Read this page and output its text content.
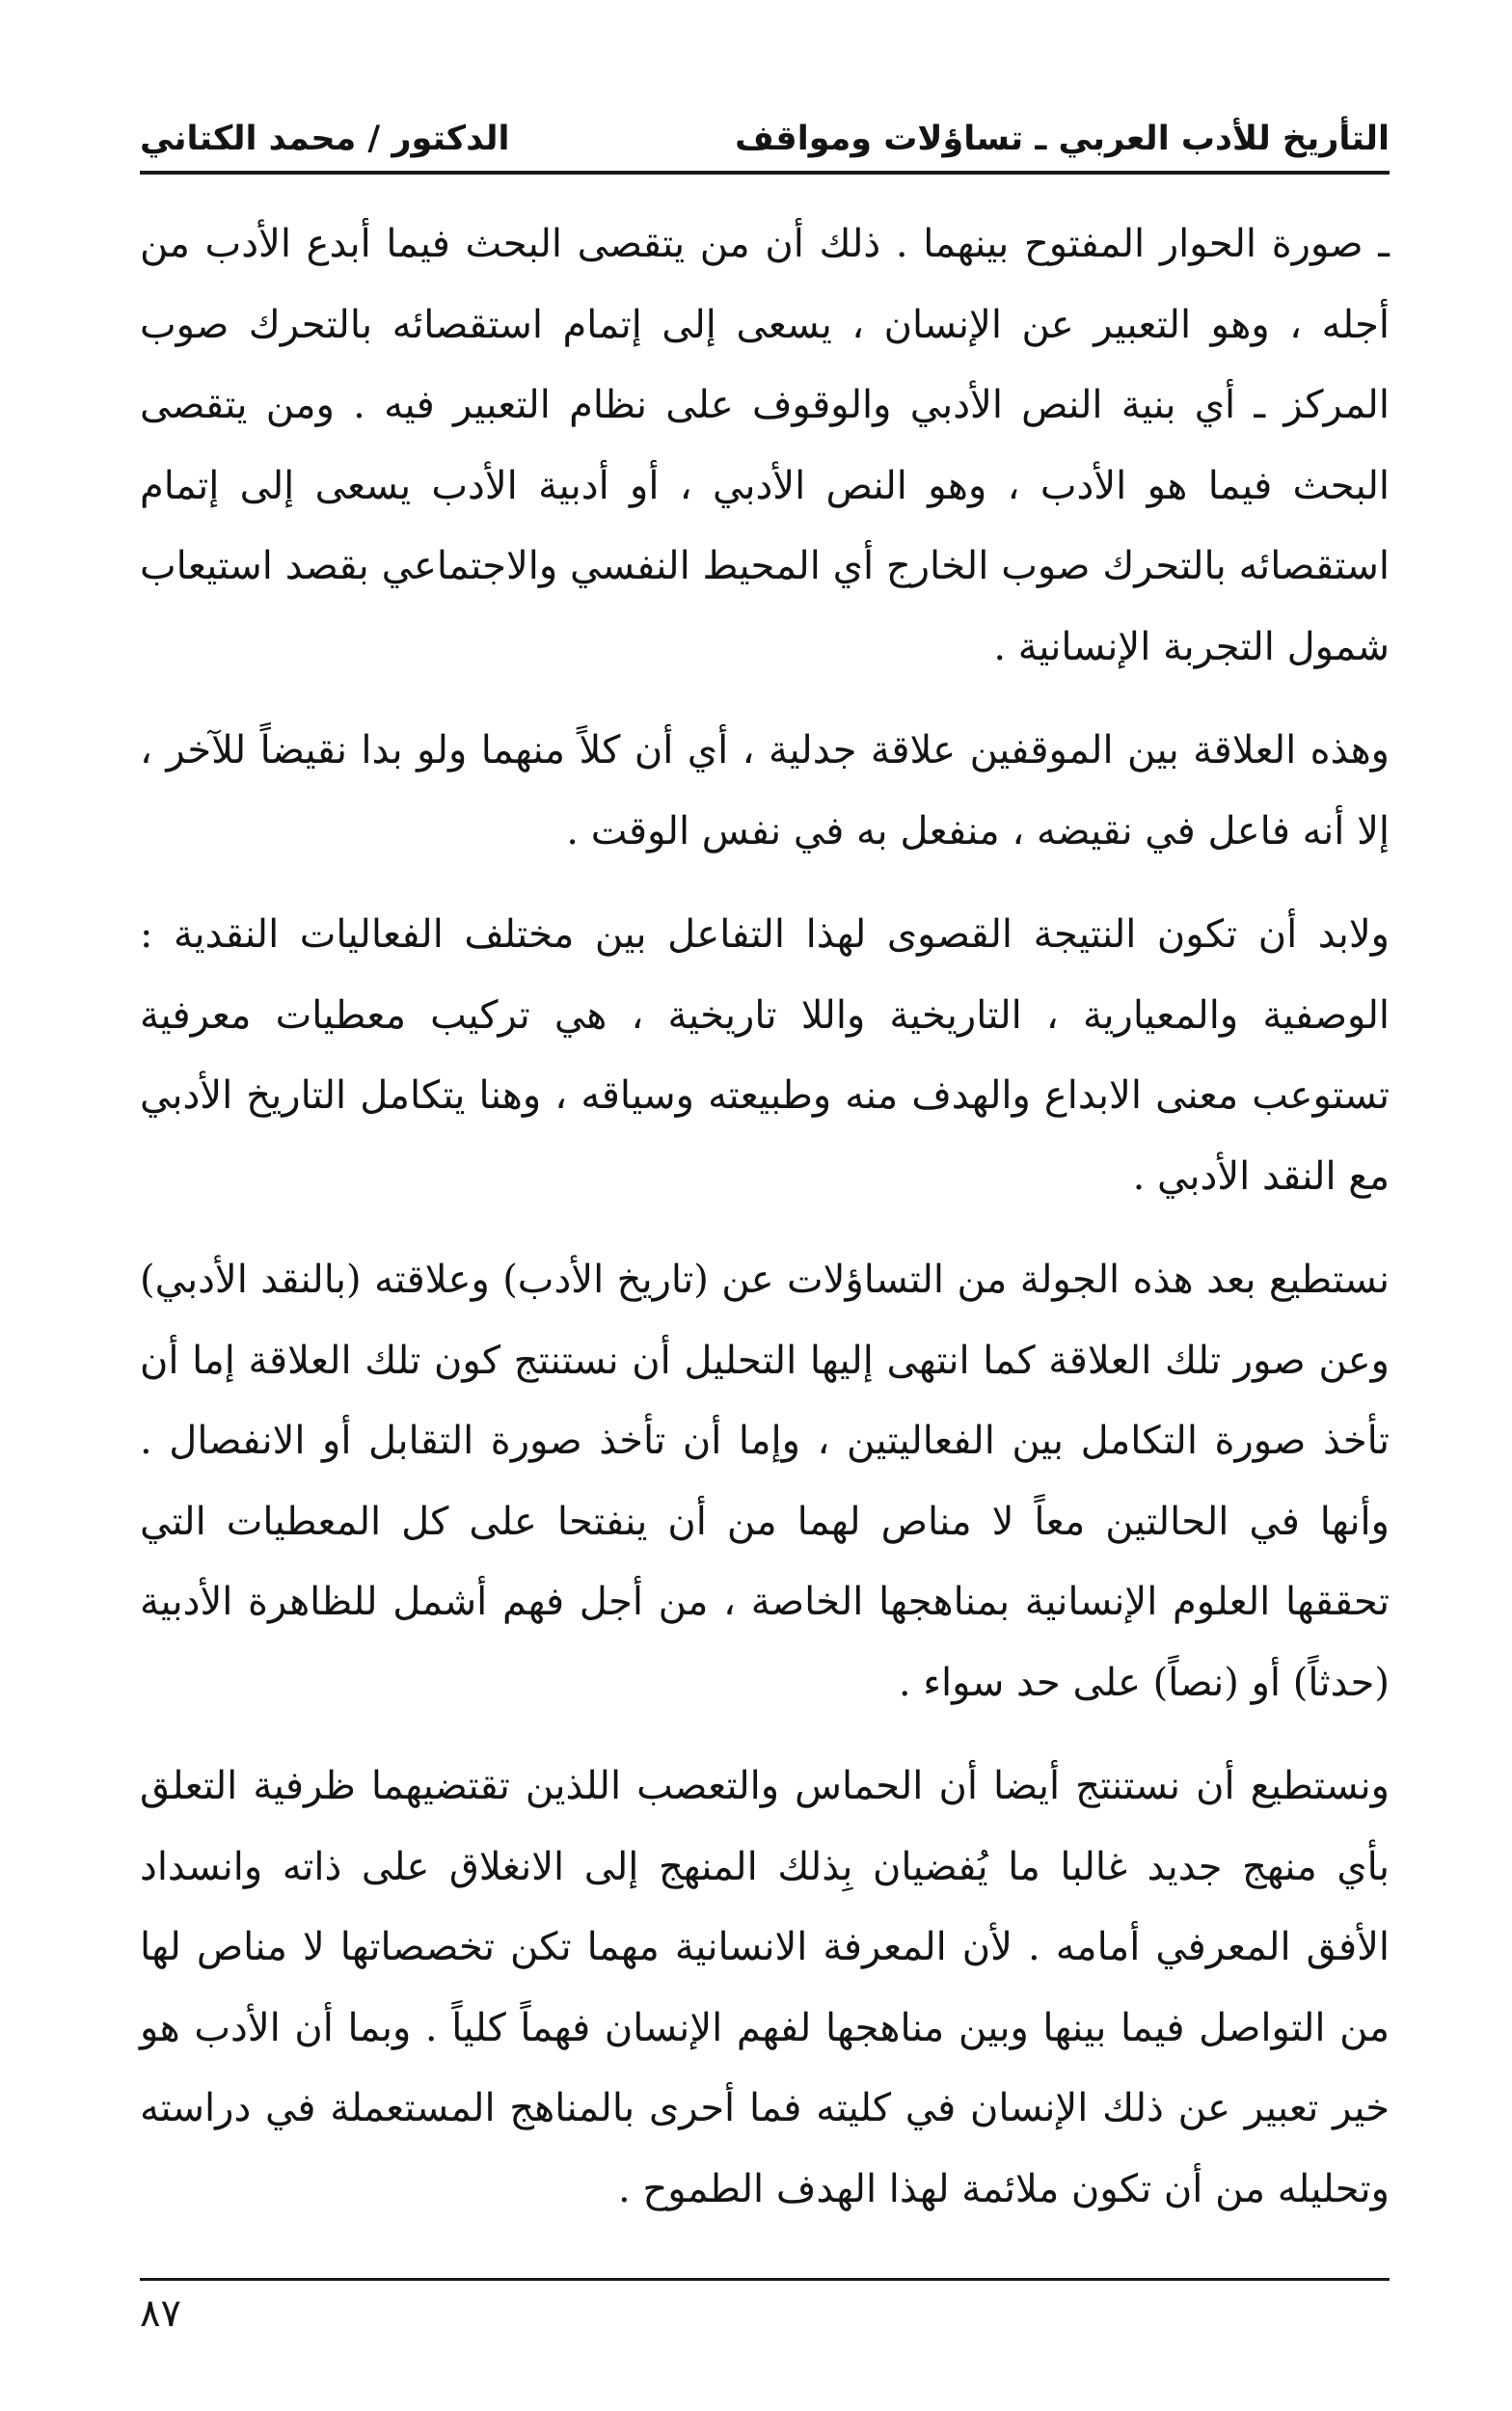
التأريخ للأدب العربي ـ تساؤلات ومواقف
الدكتور / محمد الكتاني

ـ صورة الحوار المفتوح بينهما . ذلك أن من يتقصى البحث فيما أبدع الأدب من أجله ، وهو التعبير عن الإنسان ، يسعى إلى إتمام استقصائه بالتحرك صوب المركز ـ أي بنية النص الأدبي والوقوف على نظام التعبير فيه . ومن يتقصى البحث فيما هو الأدب ، وهو النص الأدبي ، أو أدبية الأدب يسعى إلى إتمام استقصائه بالتحرك صوب الخارج أي المحيط النفسي والاجتماعي بقصد استيعاب شمول التجربة الإنسانية .

وهذه العلاقة بين الموقفين علاقة جدلية ، أي أن كلاً منهما ولو بدا نقيضاً للآخر ، إلا أنه فاعل في نقيضه ، منفعل به في نفس الوقت .

ولابد أن تكون النتيجة القصوى لهذا التفاعل بين مختلف الفعاليات النقدية : الوصفية والمعيارية ، التاريخية واللا تاريخية ، هي تركيب معطيات معرفية تستوعب معنى الابداع والهدف منه وطبيعته وسياقه ، وهنا يتكامل التاريخ الأدبي مع النقد الأدبي .

نستطيع بعد هذه الجولة من التساؤلات عن (تاريخ الأدب) وعلاقته (بالنقد الأدبي) وعن صور تلك العلاقة كما انتهى إليها التحليل أن نستنتج كون تلك العلاقة إما أن تأخذ صورة التكامل بين الفعاليتين ، وإما أن تأخذ صورة التقابل أو الانفصال . وأنها في الحالتين معاً لا مناص لهما من أن ينفتحا على كل المعطيات التي تحققها العلوم الإنسانية بمناهجها الخاصة ، من أجل فهم أشمل للظاهرة الأدبية (حدثاً) أو (نصاً) على حد سواء .

ونستطيع أن نستنتج أيضا أن الحماس والتعصب اللذين تقتضيهما ظرفية التعلق بأي منهج جديد غالبا ما يُفضيان بِذلك المنهج إلى الانغلاق على ذاته وانسداد الأفق المعرفي أمامه . لأن المعرفة الانسانية مهما تكن تخصصاتها لا مناص لها من التواصل فيما بينها وبين مناهجها لفهم الإنسان فهماً كلياً . وبما أن الأدب هو خير تعبير عن ذلك الإنسان في كليته فما أحرى بالمناهج المستعملة في دراسته وتحليله من أن تكون ملائمة لهذا الهدف الطموح .

٨٧
